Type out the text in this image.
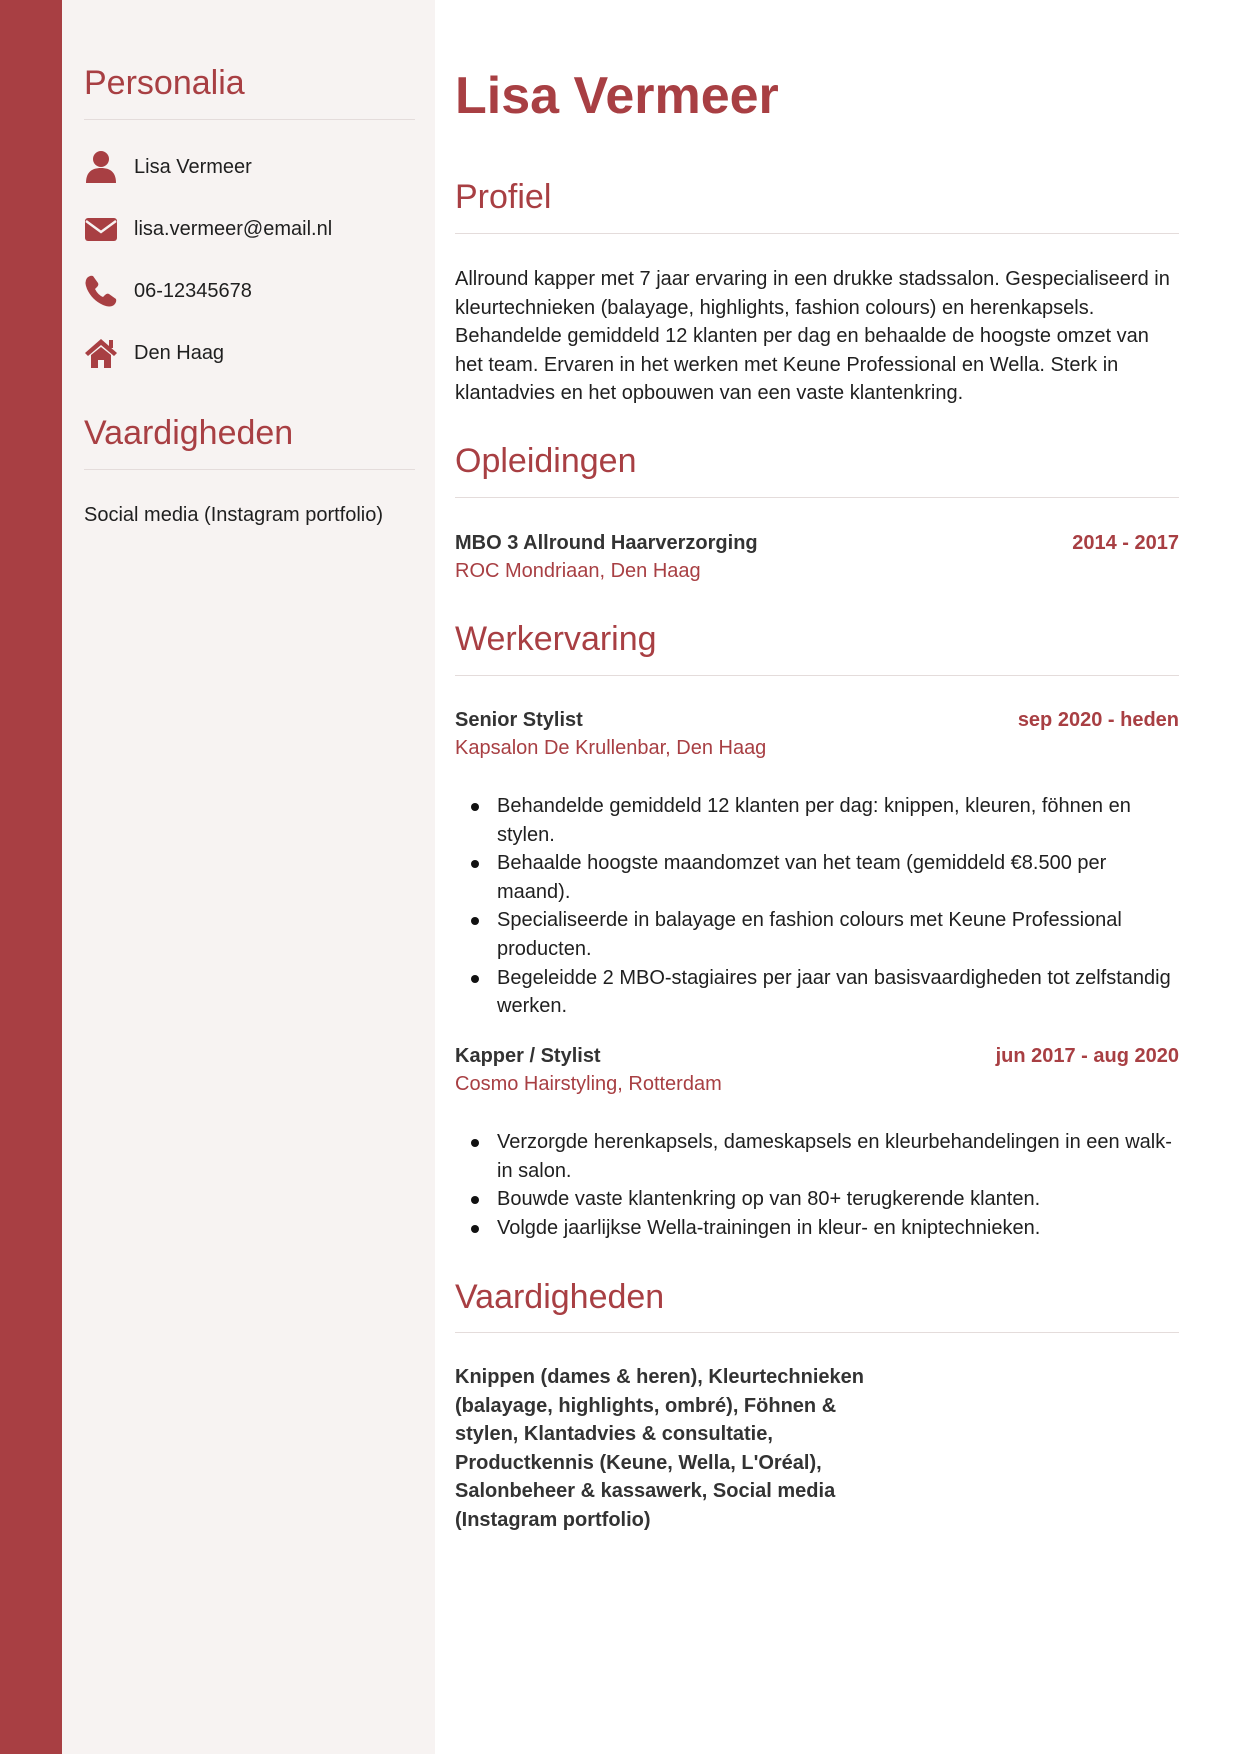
Personalia
Lisa Vermeer
lisa.vermeer@email.nl
06-12345678
Den Haag
Vaardigheden
Social media (Instagram portfolio)
Lisa Vermeer
Profiel

Allround kapper met 7 jaar ervaring in een drukke stadssalon. Gespecialiseerd in kleurtechnieken (balayage, highlights, fashion colours) en herenkapsels. Behandelde gemiddeld 12 klanten per dag en behaalde de hoogste omzet van het team. Ervaren in het werken met Keune Professional en Wella. Sterk in klantadvies en het opbouwen van een vaste klantenkring.

Opleidingen
MBO 3 Allround Haarverzorging	2014 - 2017
ROC Mondriaan, Den Haag
Werkervaring
Senior Stylist	sep 2020 - heden
Kapsalon De Krullenbar, Den Haag
Behandelde gemiddeld 12 klanten per dag: knippen, kleuren, föhnen en stylen.
Behaalde hoogste maandomzet van het team (gemiddeld €8.500 per maand).
Specialiseerde in balayage en fashion colours met Keune Professional producten.
Begeleidde 2 MBO-stagiaires per jaar van basisvaardigheden tot zelfstandig werken.
Kapper / Stylist	jun 2017 - aug 2020
Cosmo Hairstyling, Rotterdam
Verzorgde herenkapsels, dameskapsels en kleurbehandelingen in een walk-in salon.
Bouwde vaste klantenkring op van 80+ terugkerende klanten.
Volgde jaarlijkse Wella-trainingen in kleur- en kniptechnieken.
Vaardigheden
Knippen (dames & heren), Kleurtechnieken (balayage, highlights, ombré), Föhnen & stylen, Klantadvies & consultatie, Productkennis (Keune, Wella, L'Oréal), Salonbeheer & kassawerk, Social media (Instagram portfolio)
